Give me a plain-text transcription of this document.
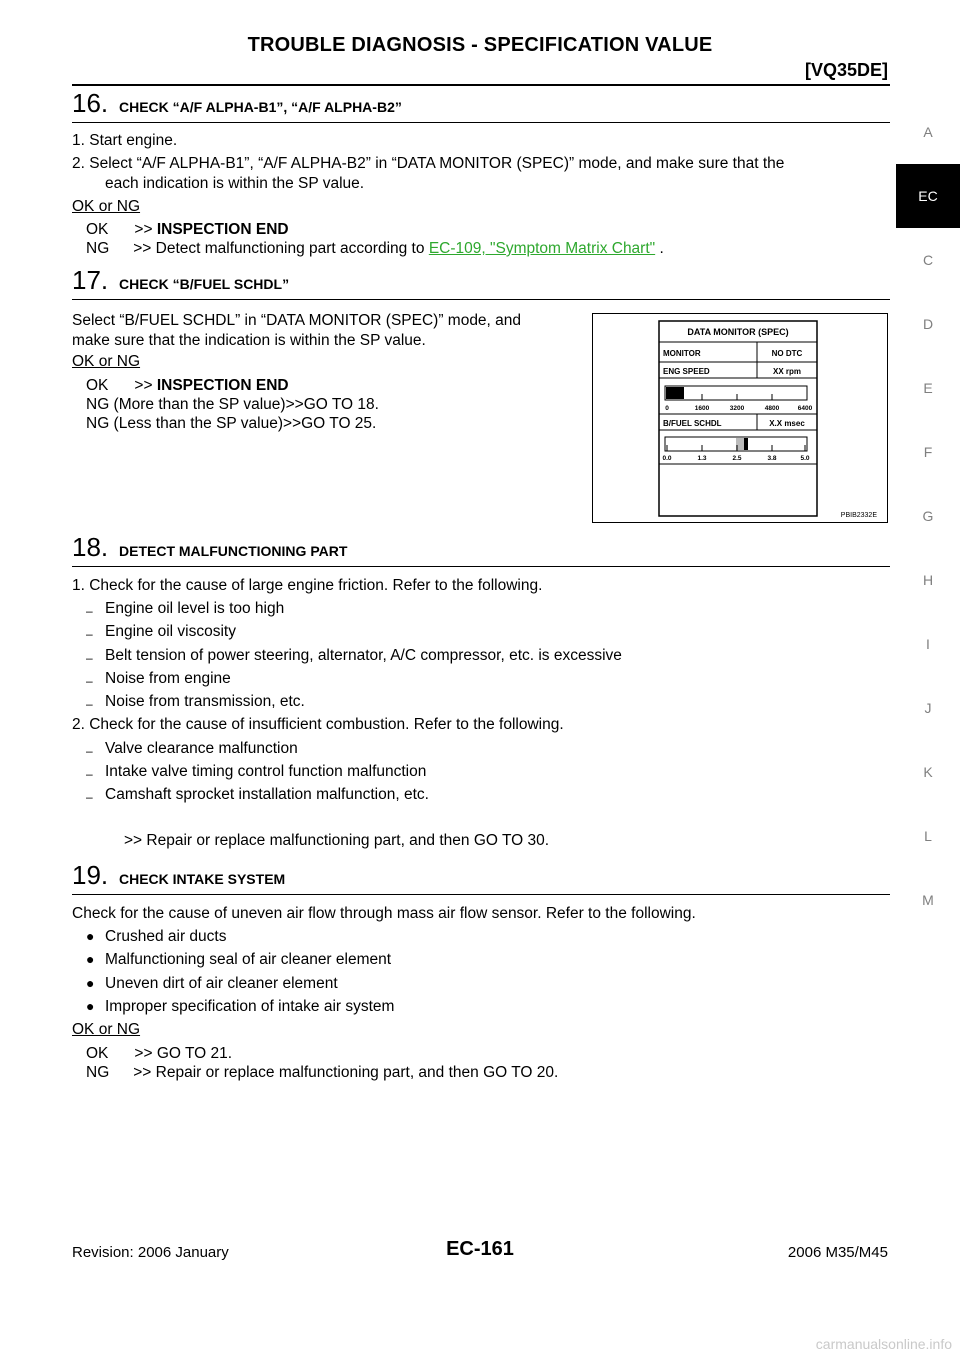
TROUBLE DIAGNOSIS - SPECIFICATION VALUE
[VQ35DE]
A
EC
C
D
E
F
G
H
I
J
K
L
M
16. CHECK “A/F ALPHA-B1”, “A/F ALPHA-B2”
1. Start engine.
2. Select “A/F ALPHA-B1”, “A/F ALPHA-B2” in “DATA MONITOR (SPEC)” mode, and make sure that the
each indication is within the SP value.
OK or NG
OK >> INSPECTION END
NG >> Detect malfunctioning part according to EC-109, "Symptom Matrix Chart" .
17. CHECK “B/FUEL SCHDL”
Select “B/FUEL SCHDL” in “DATA MONITOR (SPEC)” mode, and
make sure that the indication is within the SP value.
OK or NG
OK >> INSPECTION END
NG (More than the SP value)>>GO TO 18.
NG (Less than the SP value)>>GO TO 25.
DATA MONITOR (SPEC)
MONITOR	NO DTC
ENG SPEED	XX rpm
0	1600	3200	4800	6400
B/FUEL SCHDL	X.X msec
0.0	1.3	2.5	3.8	5.0
PBIB2332E
18. DETECT MALFUNCTIONING PART
1. Check for the cause of large engine friction. Refer to the following.
– Engine oil level is too high
– Engine oil viscosity
– Belt tension of power steering, alternator, A/C compressor, etc. is excessive
– Noise from engine
– Noise from transmission, etc.
2. Check for the cause of insufficient combustion. Refer to the following.
– Valve clearance malfunction
– Intake valve timing control function malfunction
– Camshaft sprocket installation malfunction, etc.
>> Repair or replace malfunctioning part, and then GO TO 30.
19. CHECK INTAKE SYSTEM
Check for the cause of uneven air flow through mass air flow sensor. Refer to the following.
● Crushed air ducts
● Malfunctioning seal of air cleaner element
● Uneven dirt of air cleaner element
● Improper specification of intake air system
OK or NG
OK >> GO TO 21.
NG >> Repair or replace malfunctioning part, and then GO TO 20.
Revision: 2006 January	EC-161	2006 M35/M45
carmanualsonline.info
